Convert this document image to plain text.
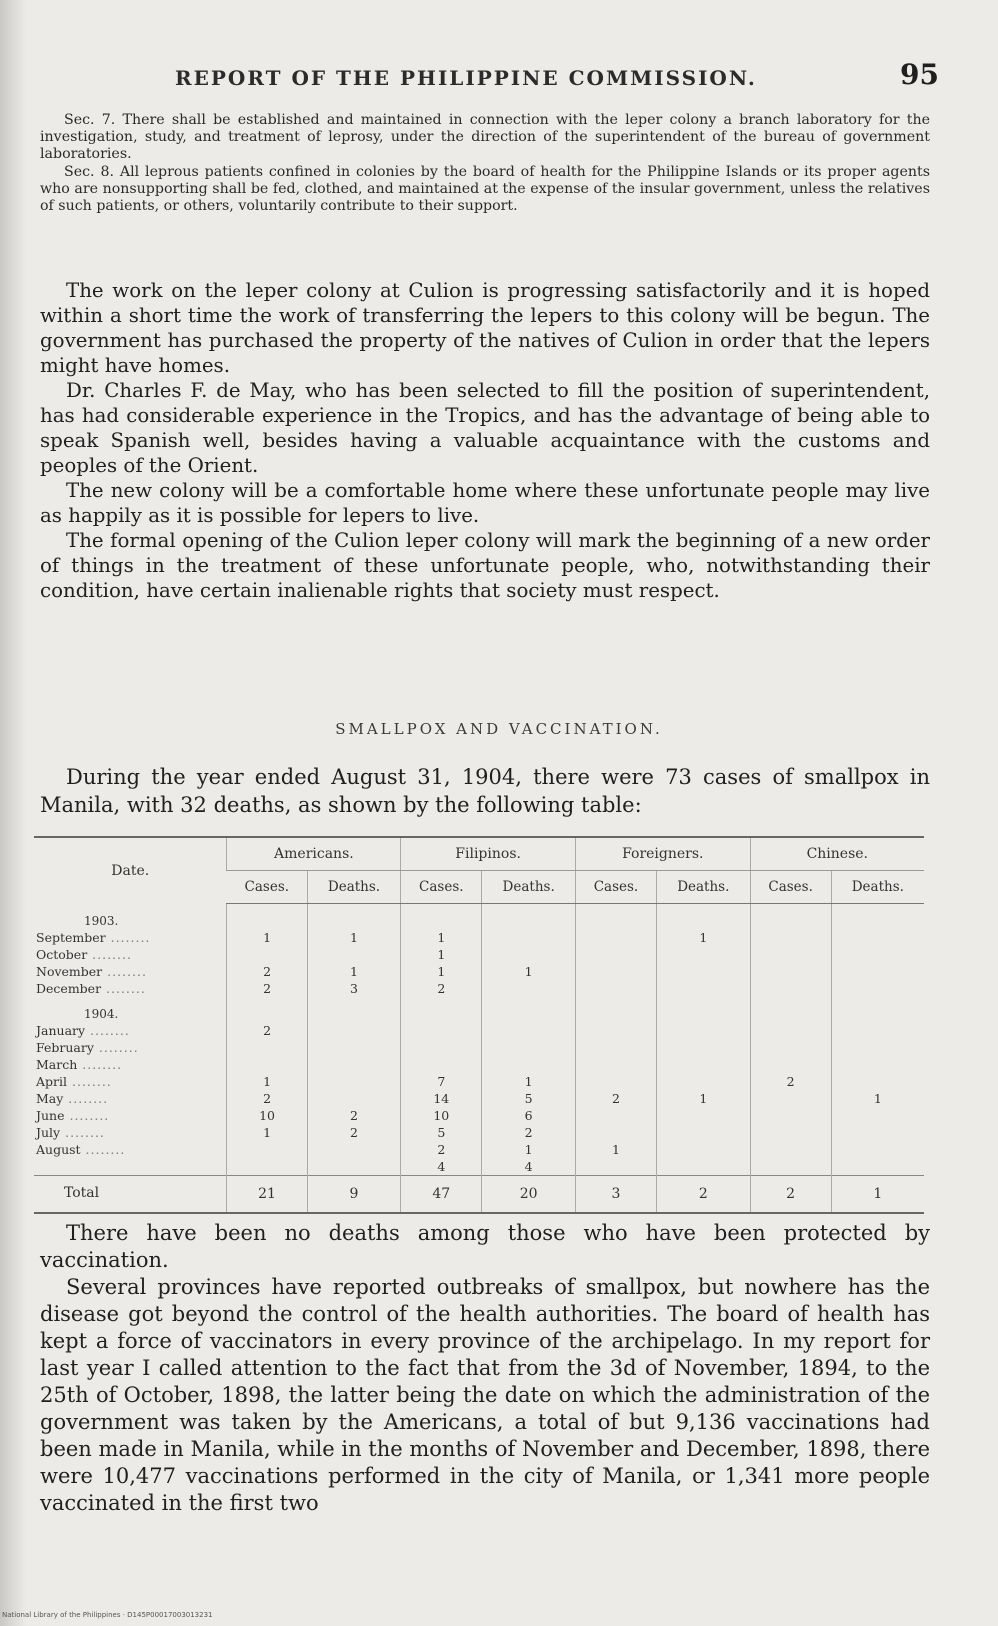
REPORT OF THE PHILIPPINE COMMISSION.	95

Sec. 7. There shall be established and maintained in connection with the leper colony a branch laboratory for the investigation, study, and treatment of leprosy, under the direction of the superintendent of the bureau of government laboratories.

Sec. 8. All leprous patients confined in colonies by the board of health for the Philippine Islands or its proper agents who are nonsupporting shall be fed, clothed, and maintained at the expense of the insular government, unless the relatives of such patients, or others, voluntarily contribute to their support.

The work on the leper colony at Culion is progressing satisfactorily and it is hoped within a short time the work of transferring the lepers to this colony will be begun. The government has purchased the property of the natives of Culion in order that the lepers might have homes.

Dr. Charles F. de May, who has been selected to fill the position of superintendent, has had considerable experience in the Tropics, and has the advantage of being able to speak Spanish well, besides having a valuable acquaintance with the customs and peoples of the Orient.

The new colony will be a comfortable home where these unfortunate people may live as happily as it is possible for lepers to live.

The formal opening of the Culion leper colony will mark the beginning of a new order of things in the treatment of these unfortunate people, who, notwithstanding their condition, have certain inalienable rights that society must respect.

SMALLPOX AND VACCINATION.

During the year ended August 31, 1904, there were 73 cases of smallpox in Manila, with 32 deaths, as shown by the following table:

Date.	Americans.		Filipinos.		Foreigners.		Chinese.	
	Cases.	Deaths.	Cases.	Deaths.	Cases.	Deaths.	Cases.	Deaths.
1903.								
September .....	1	1	1			1		
October .....			1					
November .....	2	1	1	1				
December .....	2	3	2					
1904.								
January .....	2							
February .....								
March .....								
April .....	1		7	1			2	
May .....	2		14	5	2	1		1
June .....	10	2	10	6				
July .....	1	2	5	2				
August .....			2	1	1			
			4	4				
Total	21	9	47	20	3	2	2	1

There have been no deaths among those who have been protected by vaccination.

Several provinces have reported outbreaks of smallpox, but nowhere has the disease got beyond the control of the health authorities. The board of health has kept a force of vaccinators in every province of the archipelago. In my report for last year I called attention to the fact that from the 3d of November, 1894, to the 25th of October, 1898, the latter being the date on which the administration of the government was taken by the Americans, a total of but 9,136 vaccinations had been made in Manila, while in the months of November and December, 1898, there were 10,477 vaccinations performed in the city of Manila, or 1,341 more people vaccinated in the first two

National Library of the Philippines · D145P00017003013231
